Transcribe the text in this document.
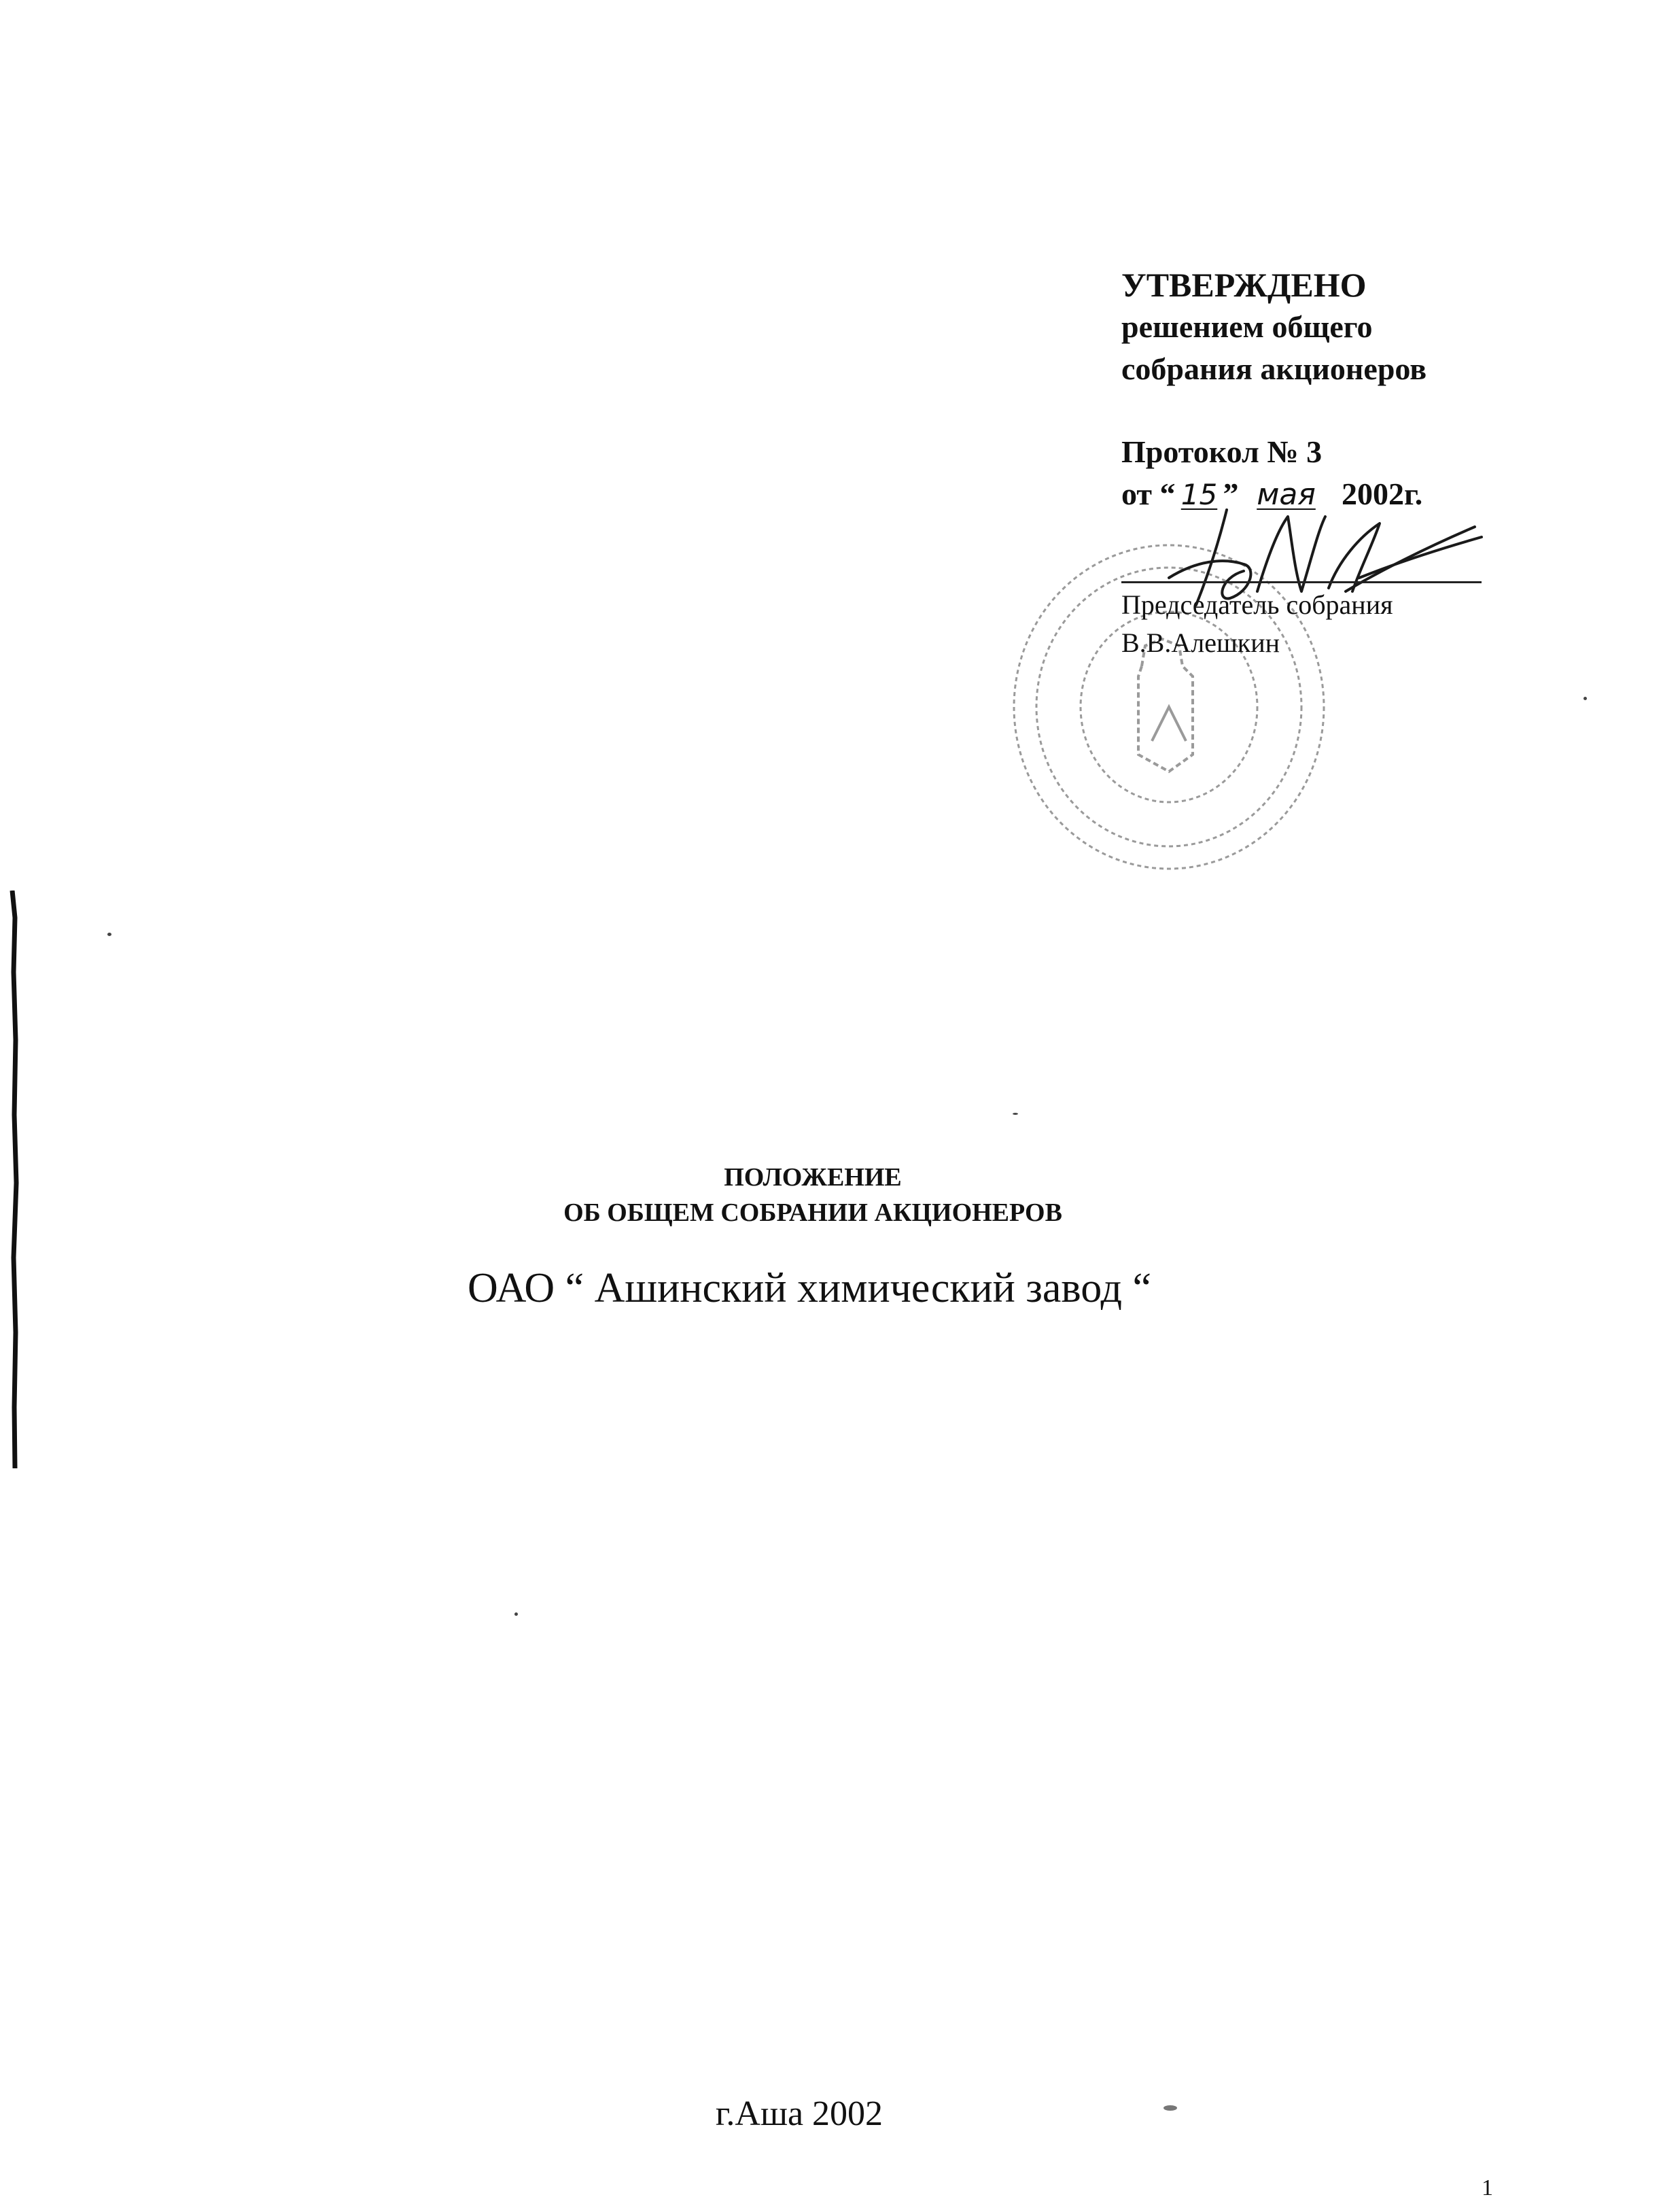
УТВЕРЖДЕНО
решением общего
собрания акционеров
Протокол № 3
от “ 15 ” мая 2002г.
Председатель собрания
В.В.Алешкин
ПОЛОЖЕНИЕ
ОБ ОБЩЕМ СОБРАНИИ АКЦИОНЕРОВ
ОАО “ Ашинский химический завод “
г.Аша 2002
1
